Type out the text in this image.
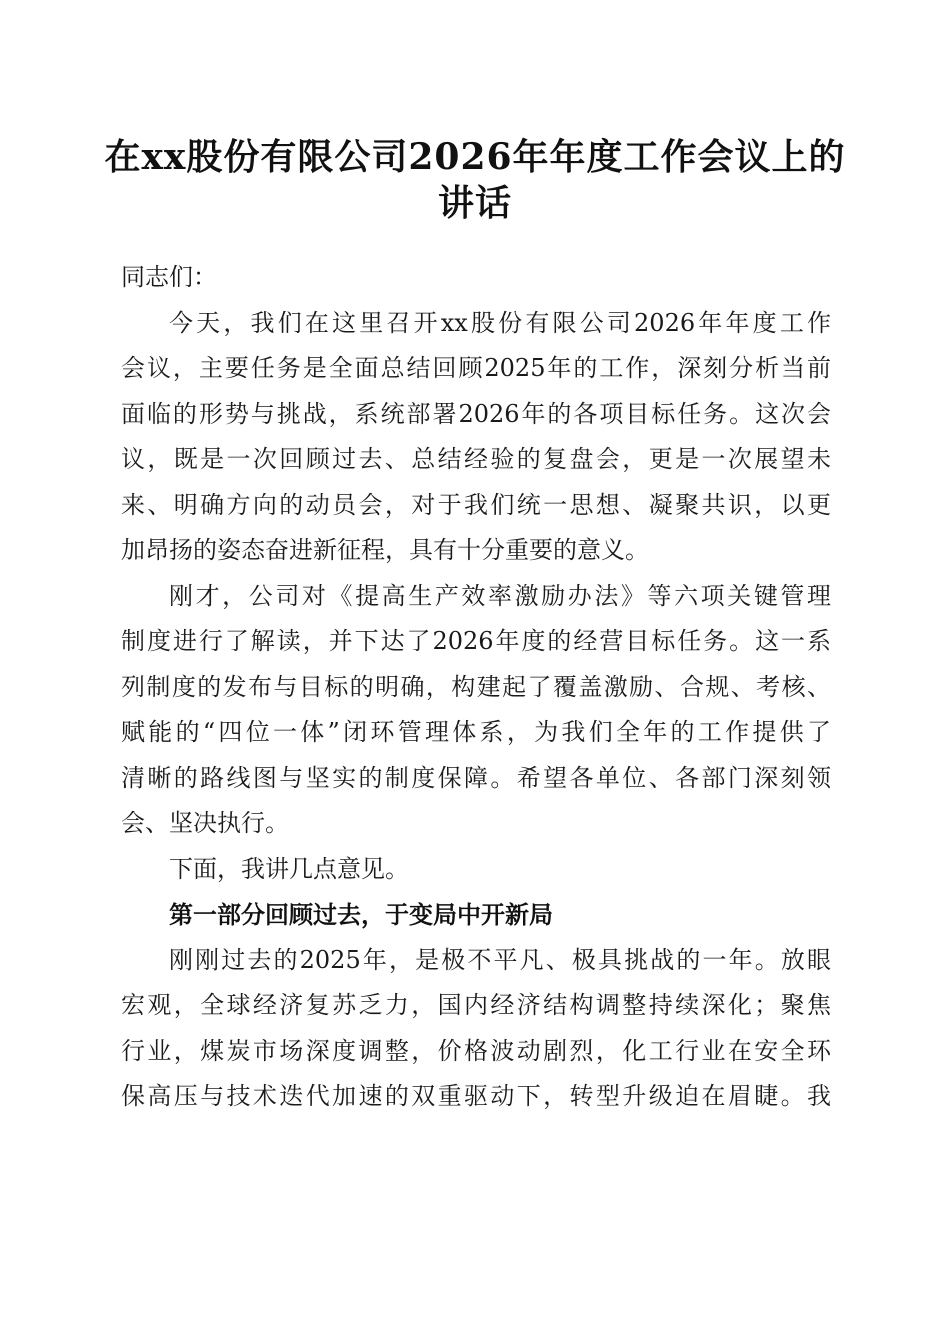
在xx股份有限公司2026年年度工作会议上的
讲话
同志们：
今天，我们在这里召开xx股份有限公司2026年年度工作
会议，主要任务是全面总结回顾2025年的工作，深刻分析当前
面临的形势与挑战，系统部署2026年的各项目标任务。这次会
议，既是一次回顾过去、总结经验的复盘会，更是一次展望未
来、明确方向的动员会，对于我们统一思想、凝聚共识，以更
加昂扬的姿态奋进新征程，具有十分重要的意义。
刚才，公司对《提高生产效率激励办法》等六项关键管理
制度进行了解读，并下达了2026年度的经营目标任务。这一系
列制度的发布与目标的明确，构建起了覆盖激励、合规、考核、
赋能的“四位一体”闭环管理体系，为我们全年的工作提供了
清晰的路线图与坚实的制度保障。希望各单位、各部门深刻领
会、坚决执行。
下面，我讲几点意见。
第一部分回顾过去，于变局中开新局
刚刚过去的2025年，是极不平凡、极具挑战的一年。放眼
宏观，全球经济复苏乏力，国内经济结构调整持续深化；聚焦
行业，煤炭市场深度调整，价格波动剧烈，化工行业在安全环
保高压与技术迭代加速的双重驱动下，转型升级迫在眉睫。我
